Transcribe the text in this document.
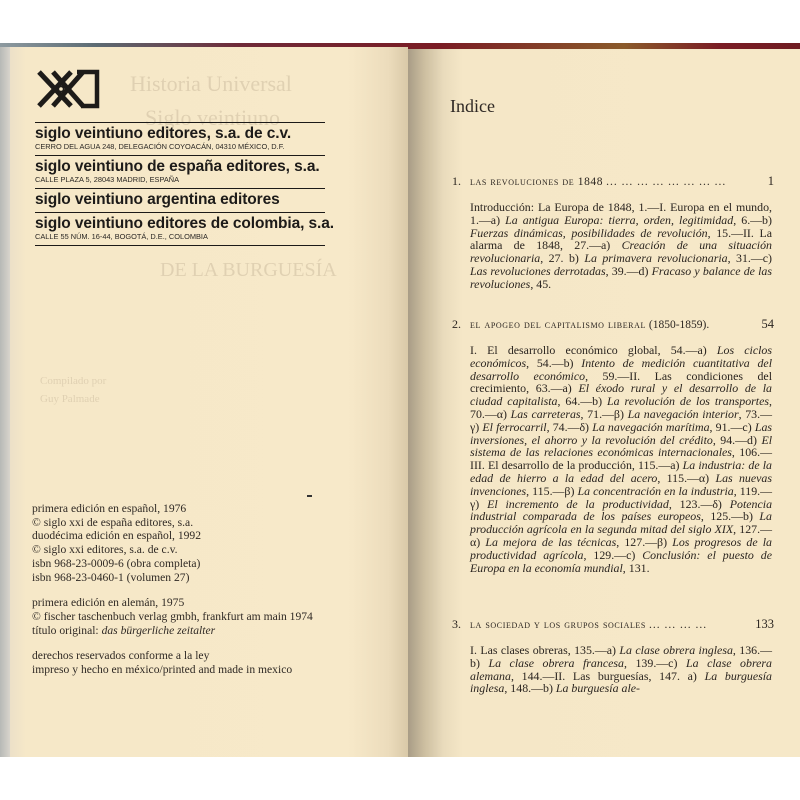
Historia Universal
Siglo veintiuno
DE LA BURGUESÍA
Compilado por
Guy Palmade
siglo veintiuno editores, s.a. de c.v.
CERRO DEL AGUA 248, DELEGACIÓN COYOACÁN, 04310 MÉXICO, D.F.
siglo veintiuno de españa editores, s.a.
CALLE PLAZA 5, 28043 MADRID, ESPAÑA
siglo veintiuno argentina editores
siglo veintiuno editores de colombia, s.a.
CALLE 55 NÚM. 16-44, BOGOTÁ, D.E., COLOMBIA
primera edición en español, 1976
© siglo xxi de españa editores, s.a.
duodécima edición en español, 1992
© siglo xxi editores, s.a. de c.v.
isbn 968-23-0009-6 (obra completa)
isbn 968-23-0460-1 (volumen 27)
primera edición en alemán, 1975
© fischer taschenbuch verlag gmbh, frankfurt am main 1974
título original: das bürgerliche zeitalter
derechos reservados conforme a la ley
impreso y hecho en méxico/printed and made in mexico
Indice
1. las revoluciones de 1848 ... ... ... ... ... ... ... ...	1
Introducción: La Europa de 1848, 1.—I. Europa en el mundo, 1.—a) La antigua Europa: tierra, orden, legitimidad, 6.—b) Fuerzas dinámicas, posibilidades de revolución, 15.—II. La alarma de 1848, 27.—a) Creación de una situación revolucionaria, 27. b) La primavera revolucionaria, 31.—c) Las revoluciones derrotadas, 39.—d) Fracaso y balance de las revoluciones, 45.
2. el apogeo del capitalismo liberal (1850-1859).	54
I. El desarrollo económico global, 54.—a) Los ciclos económicos, 54.—b) Intento de medición cuantitativa del desarrollo económico, 59.—II. Las condiciones del crecimiento, 63.—a) El éxodo rural y el desarrollo de la ciudad capitalista, 64.—b) La revolución de los transportes, 70.—α) Las carreteras, 71.—β) La navegación interior, 73.—γ) El ferrocarril, 74.—δ) La navegación marítima, 91.—c) Las inversiones, el ahorro y la revolución del crédito, 94.—d) El sistema de las relaciones económicas internacionales, 106.—III. El desarrollo de la producción, 115.—a) La industria: de la edad de hierro a la edad del acero, 115.—α) Las nuevas invenciones, 115.—β) La concentración en la industria, 119.—γ) El incremento de la productividad, 123.—δ) Potencia industrial comparada de los países europeos, 125.—b) La producción agrícola en la segunda mitad del siglo XIX, 127.—α) La mejora de las técnicas, 127.—β) Los progresos de la productividad agrícola, 129.—c) Conclusión: el puesto de Europa en la economía mundial, 131.
3. la sociedad y los grupos sociales ... ... ... ...	133
I. Las clases obreras, 135.—a) La clase obrera inglesa, 136.—b) La clase obrera francesa, 139.—c) La clase obrera alemana, 144.—II. Las burguesías, 147. a) La burguesía inglesa, 148.—b) La burguesía ale-
